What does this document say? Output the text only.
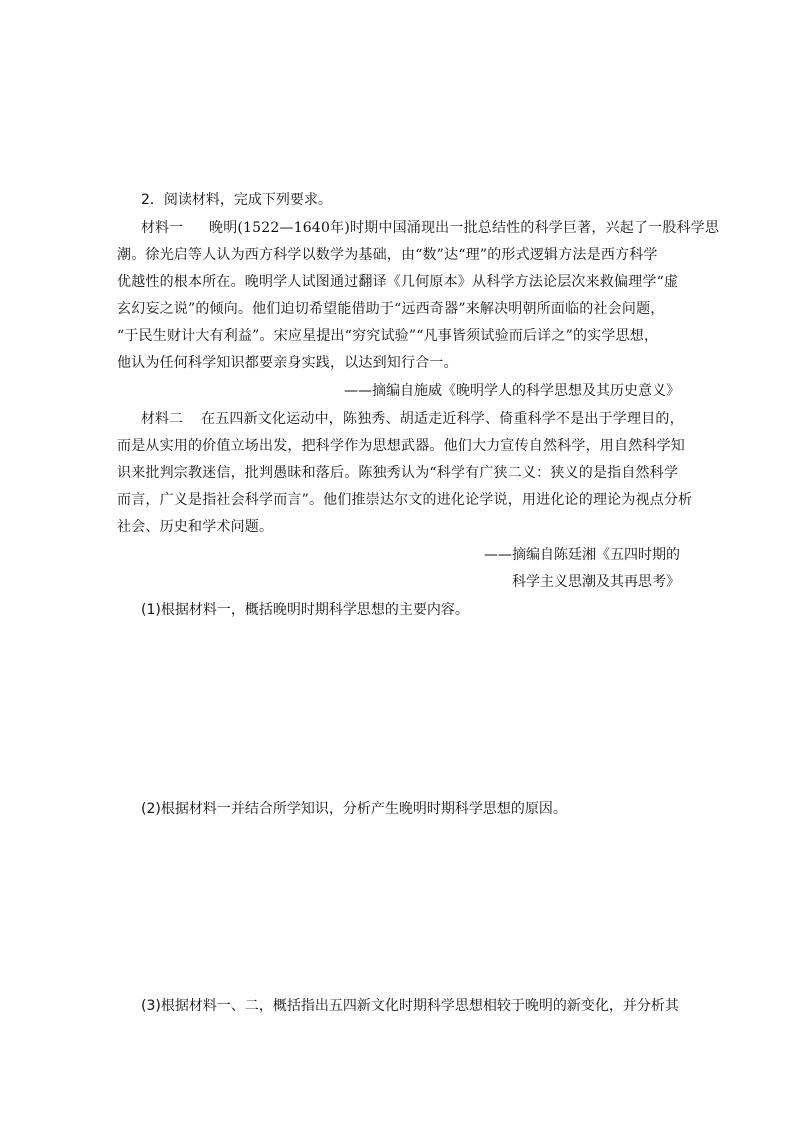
2．阅读材料，完成下列要求。
材料一 晚明(1522—1640年)时期中国涌现出一批总结性的科学巨著，兴起了一股科学思
潮。徐光启等人认为西方科学以数学为基础，由“数”达“理”的形式逻辑方法是西方科学
优越性的根本所在。晚明学人试图通过翻译《几何原本》从科学方法论层次来救偏理学“虚
玄幻妄之说”的倾向。他们迫切希望能借助于“远西奇器”来解决明朝所面临的社会问题，
“于民生财计大有利益”。宋应星提出“穷究试验”“凡事皆须试验而后详之”的实学思想，
他认为任何科学知识都要亲身实践，以达到知行合一。
——摘编自施威《晚明学人的科学思想及其历史意义》
材料二 在五四新文化运动中，陈独秀、胡适走近科学、倚重科学不是出于学理目的，
而是从实用的价值立场出发，把科学作为思想武器。他们大力宣传自然科学，用自然科学知
识来批判宗教迷信，批判愚昧和落后。陈独秀认为“科学有广狭二义：狭义的是指自然科学
而言，广义是指社会科学而言”。他们推崇达尔文的进化论学说，用进化论的理论为视点分析
社会、历史和学术问题。
——摘编自陈廷湘《五四时期的
科学主义思潮及其再思考》
(1)根据材料一，概括晚明时期科学思想的主要内容。
(2)根据材料一并结合所学知识，分析产生晚明时期科学思想的原因。
(3)根据材料一、二，概括指出五四新文化时期科学思想相较于晚明的新变化，并分析其
